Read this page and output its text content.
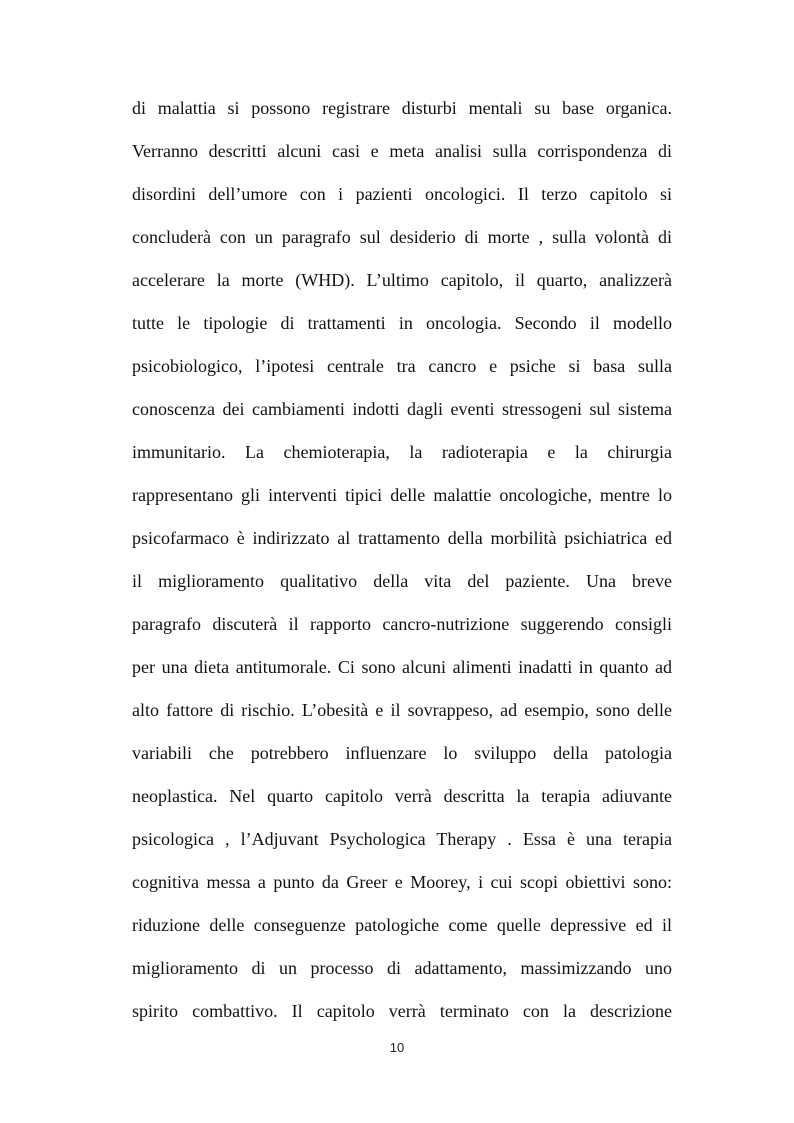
di malattia si possono registrare disturbi mentali su base organica.
Verranno descritti alcuni casi e meta analisi sulla corrispondenza di
disordini dell’umore con i pazienti oncologici. Il terzo capitolo si
concluderà con un paragrafo sul desiderio di morte , sulla volontà di
accelerare la morte (WHD). L’ultimo capitolo, il quarto, analizzerà
tutte le tipologie di trattamenti in oncologia. Secondo il modello
psicobiologico, l’ipotesi centrale tra cancro e psiche si basa sulla
conoscenza dei cambiamenti indotti dagli eventi stressogeni sul sistema
immunitario. La chemioterapia, la radioterapia e la chirurgia
rappresentano gli interventi tipici delle malattie oncologiche, mentre lo
psicofarmaco è indirizzato al trattamento della morbilità psichiatrica ed
il miglioramento qualitativo della vita del paziente. Una breve
paragrafo discuterà il rapporto cancro-nutrizione suggerendo consigli
per una dieta antitumorale. Ci sono alcuni alimenti inadatti in quanto ad
alto fattore di rischio. L’obesità e il sovrappeso, ad esempio, sono delle
variabili che potrebbero influenzare lo sviluppo della patologia
neoplastica. Nel quarto capitolo verrà descritta la terapia adiuvante
psicologica , l’Adjuvant Psychologica Therapy . Essa è una terapia
cognitiva messa a punto da Greer e Moorey, i cui scopi obiettivi sono:
riduzione delle conseguenze patologiche come quelle depressive ed il
miglioramento di un processo di adattamento, massimizzando uno
spirito combattivo. Il capitolo verrà terminato con la descrizione
10
